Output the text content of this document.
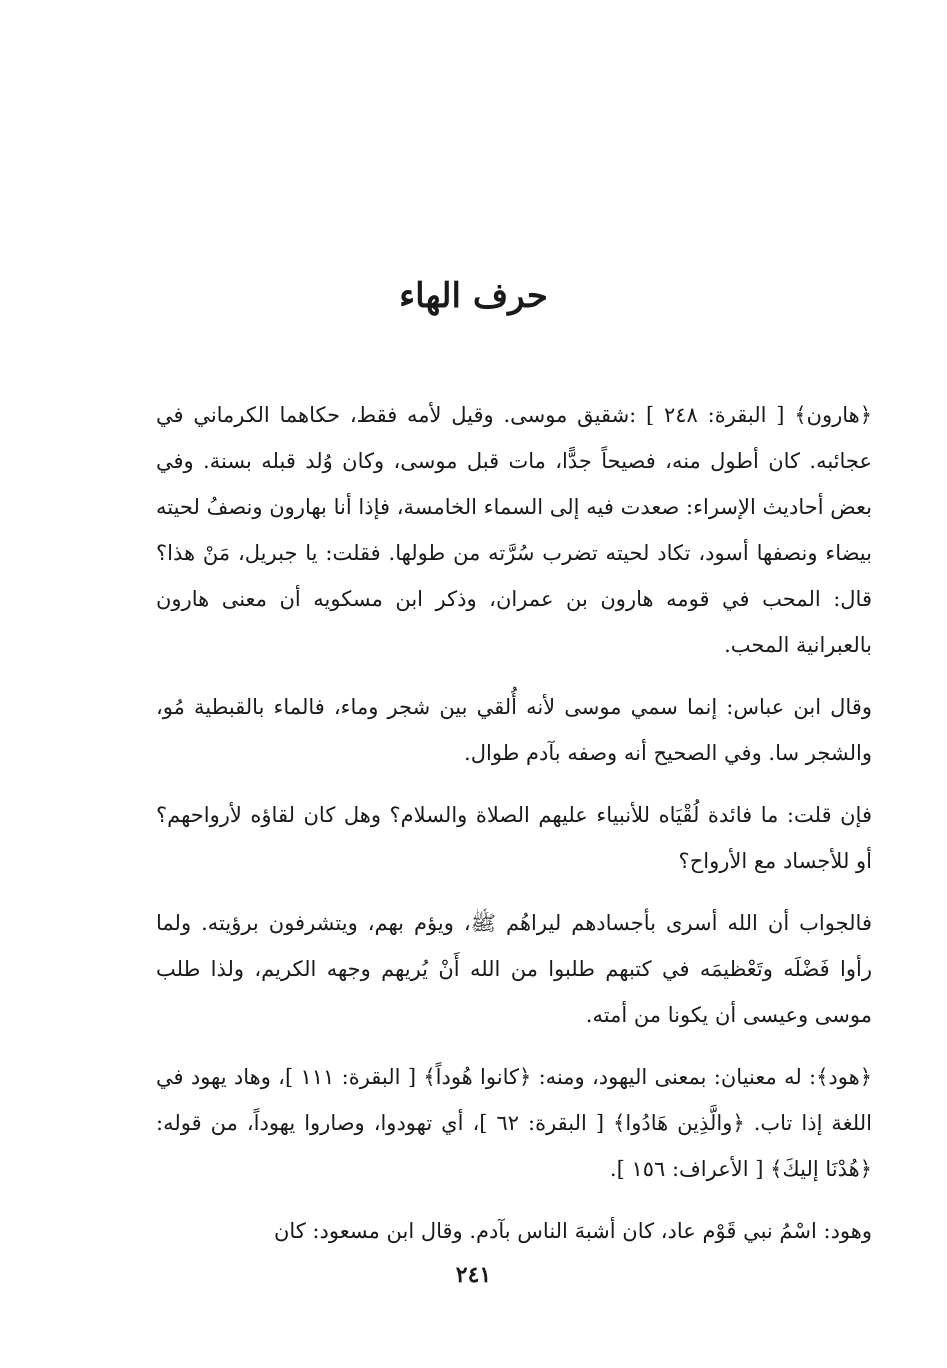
حرف الهاء

﴿هارون﴾ [ البقرة: ٢٤٨ ] :شقيق موسى. وقيل لأمه فقط، حكاهما الكرماني في عجائبه. كان أطول منه، فصيحاً جدًّا، مات قبل موسى، وكان وُلد قبله بسنة. وفي بعض أحاديث الإسراء: صعدت فيه إلى السماء الخامسة، فإذا أنا بهارون ونصفُ لحيته بيضاء ونصفها أسود، تكاد لحيته تضرب سُرَّته من طولها. فقلت: يا جبريل، مَنْ هذا؟ قال: المحب في قومه هارون بن عمران، وذكر ابن مسكويه أن معنى هارون بالعبرانية المحب.

وقال ابن عباس: إنما سمي موسى لأنه أُلقي بين شجر وماء، فالماء بالقبطية مُو، والشجر سا. وفي الصحيح أنه وصفه بآدم طوال.

فإن قلت: ما فائدة لُقْيَاه للأنبياء عليهم الصلاة والسلام؟ وهل كان لقاؤه لأرواحهم؟ أو للأجساد مع الأرواح؟

فالجواب أن الله أسرى بأجسادهم ليراهُم ﷺ، ويؤم بهم، ويتشرفون برؤيته. ولما رأوا فَضْلَه وتَعْظيمَه في كتبهم طلبوا من الله أَنْ يُريهم وجهه الكريم، ولذا طلب موسى وعيسى أن يكونا من أمته.

﴿هود﴾: له معنيان: بمعنى اليهود، ومنه: ﴿كانوا هُوداً﴾ [ البقرة: ١١١ ]، وهاد يهود في اللغة إذا تاب. ﴿والَّذِين هَادُوا﴾ [ البقرة: ٦٢ ]، أي تهودوا، وصاروا يهوداً، من قوله: ﴿هُدْنَا إليكَ﴾ [ الأعراف: ١٥٦ ].

وهود: اسْمُ نبي قَوْم عاد، كان أشبهَ الناس بآدم. وقال ابن مسعود: كان

٢٤١
